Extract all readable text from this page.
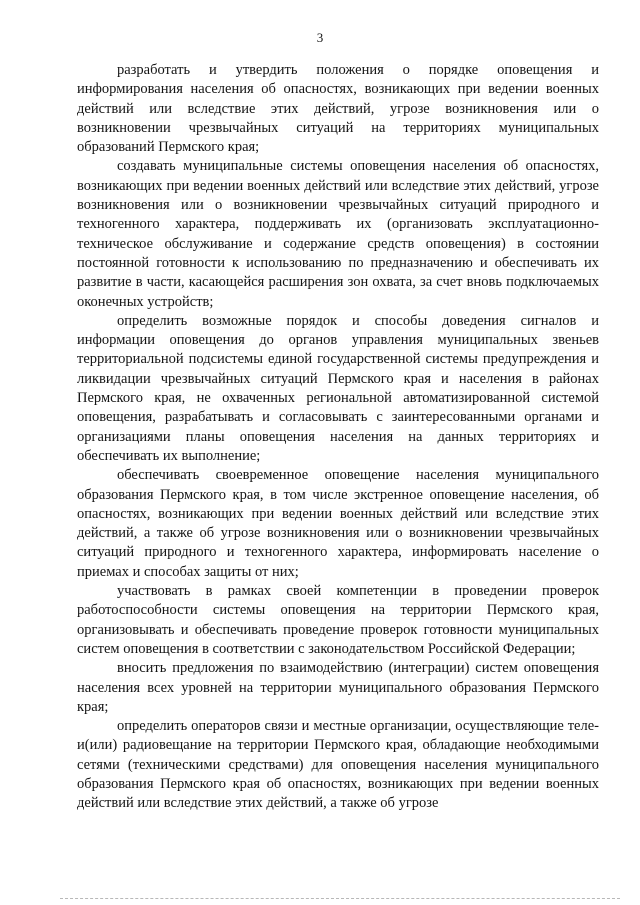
3

разработать и утвердить положения о порядке оповещения и информирования населения об опасностях, возникающих при ведении военных действий или вследствие этих действий, угрозе возникновения или о возникновении чрезвычайных ситуаций на территориях муниципальных образований Пермского края;

создавать муниципальные системы оповещения населения об опасностях, возникающих при ведении военных действий или вследствие этих действий, угрозе возникновения или о возникновении чрезвычайных ситуаций природного и техногенного характера, поддерживать их (организовать эксплуатационно-техническое обслуживание и содержание средств оповещения) в состоянии постоянной готовности к использованию по предназначению и обеспечивать их развитие в части, касающейся расширения зон охвата, за счет вновь подключаемых оконечных устройств;

определить возможные порядок и способы доведения сигналов и информации оповещения до органов управления муниципальных звеньев территориальной подсистемы единой государственной системы предупреждения и ликвидации чрезвычайных ситуаций Пермского края и населения в районах Пермского края, не охваченных региональной автоматизированной системой оповещения, разрабатывать и согласовывать с заинтересованными органами и организациями планы оповещения населения на данных территориях и обеспечивать их выполнение;

обеспечивать своевременное оповещение населения муниципального образования Пермского края, в том числе экстренное оповещение населения, об опасностях, возникающих при ведении военных действий или вследствие этих действий, а также об угрозе возникновения или о возникновении чрезвычайных ситуаций природного и техногенного характера, информировать население о приемах и способах защиты от них;

участвовать в рамках своей компетенции в проведении проверок работоспособности системы оповещения на территории Пермского края, организовывать и обеспечивать проведение проверок готовности муниципальных систем оповещения в соответствии с законодательством Российской Федерации;

вносить предложения по взаимодействию (интеграции) систем оповещения населения всех уровней на территории муниципального образования Пермского края;

определить операторов связи и местные организации, осуществляющие теле- и(или) радиовещание на территории Пермского края, обладающие необходимыми сетями (техническими средствами) для оповещения населения муниципального образования Пермского края об опасностях, возникающих при ведении военных действий или вследствие этих действий, а также об угрозе
